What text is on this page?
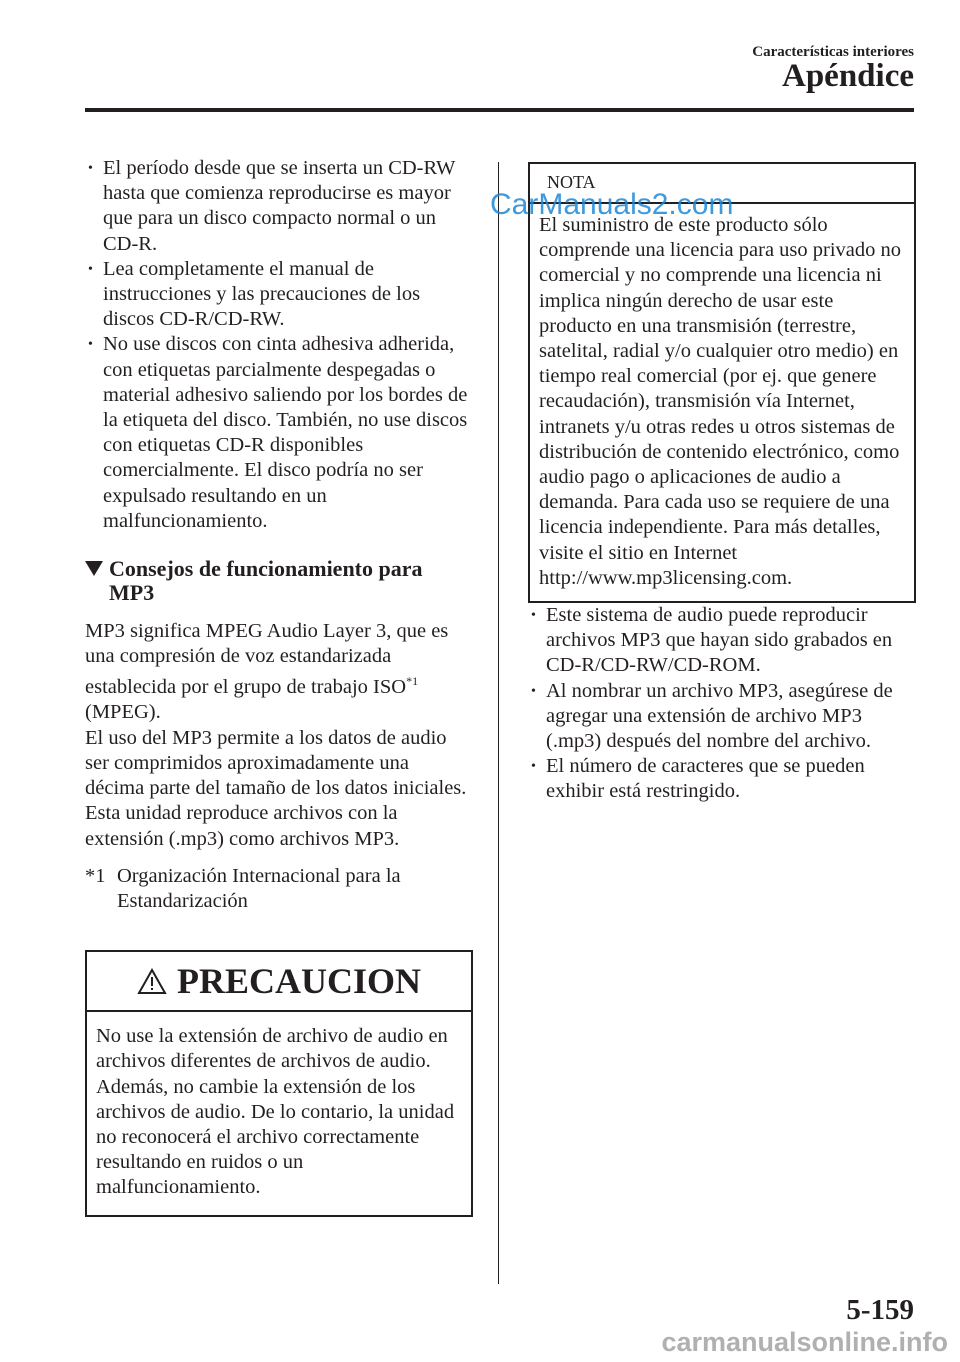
Características interiores
Apéndice
• El período desde que se inserta un CD-RW hasta que comienza reproducirse es mayor que para un disco compacto normal o un CD-R.
• Lea completamente el manual de instrucciones y las precauciones de los discos CD-R/CD-RW.
• No use discos con cinta adhesiva adherida, con etiquetas parcialmente despegadas o material adhesivo saliendo por los bordes de la etiqueta del disco. También, no use discos con etiquetas CD-R disponibles comercialmente. El disco podría no ser expulsado resultando en un malfuncionamiento.
Consejos de funcionamiento para MP3

MP3 significa MPEG Audio Layer 3, que es una compresión de voz estandarizada establecida por el grupo de trabajo ISO$^{*1}$ (MPEG).

El uso del MP3 permite a los datos de audio ser comprimidos aproximadamente una décima parte del tamaño de los datos iniciales.

Esta unidad reproduce archivos con la extensión (.mp3) como archivos MP3.

*1 Organización Internacional para la Estandarización
PRECAUCION
No use la extensión de archivo de audio en archivos diferentes de archivos de audio. Además, no cambie la extensión de los archivos de audio. De lo contario, la unidad no reconocerá el archivo correctamente resultando en ruidos o un malfuncionamiento.
NOTA
El suministro de este producto sólo comprende una licencia para uso privado no comercial y no comprende una licencia ni implica ningún derecho de usar este producto en una transmisión (terrestre, satelital, radial y/o cualquier otro medio) en tiempo real comercial (por ej. que genere recaudación), transmisión vía Internet, intranets y/u otras redes u otros sistemas de distribución de contenido electrónico, como audio pago o aplicaciones de audio a demanda. Para cada uso se requiere de una licencia independiente. Para más detalles, visite el sitio en Internet http://www.mp3licensing.com.
• Este sistema de audio puede reproducir archivos MP3 que hayan sido grabados en CD-R/CD-RW/CD-ROM.
• Al nombrar un archivo MP3, asegúrese de agregar una extensión de archivo MP3 (.mp3) después del nombre del archivo.
• El número de caracteres que se pueden exhibir está restringido.
CarManuals2.com
5-159
carmanualsonline.info
